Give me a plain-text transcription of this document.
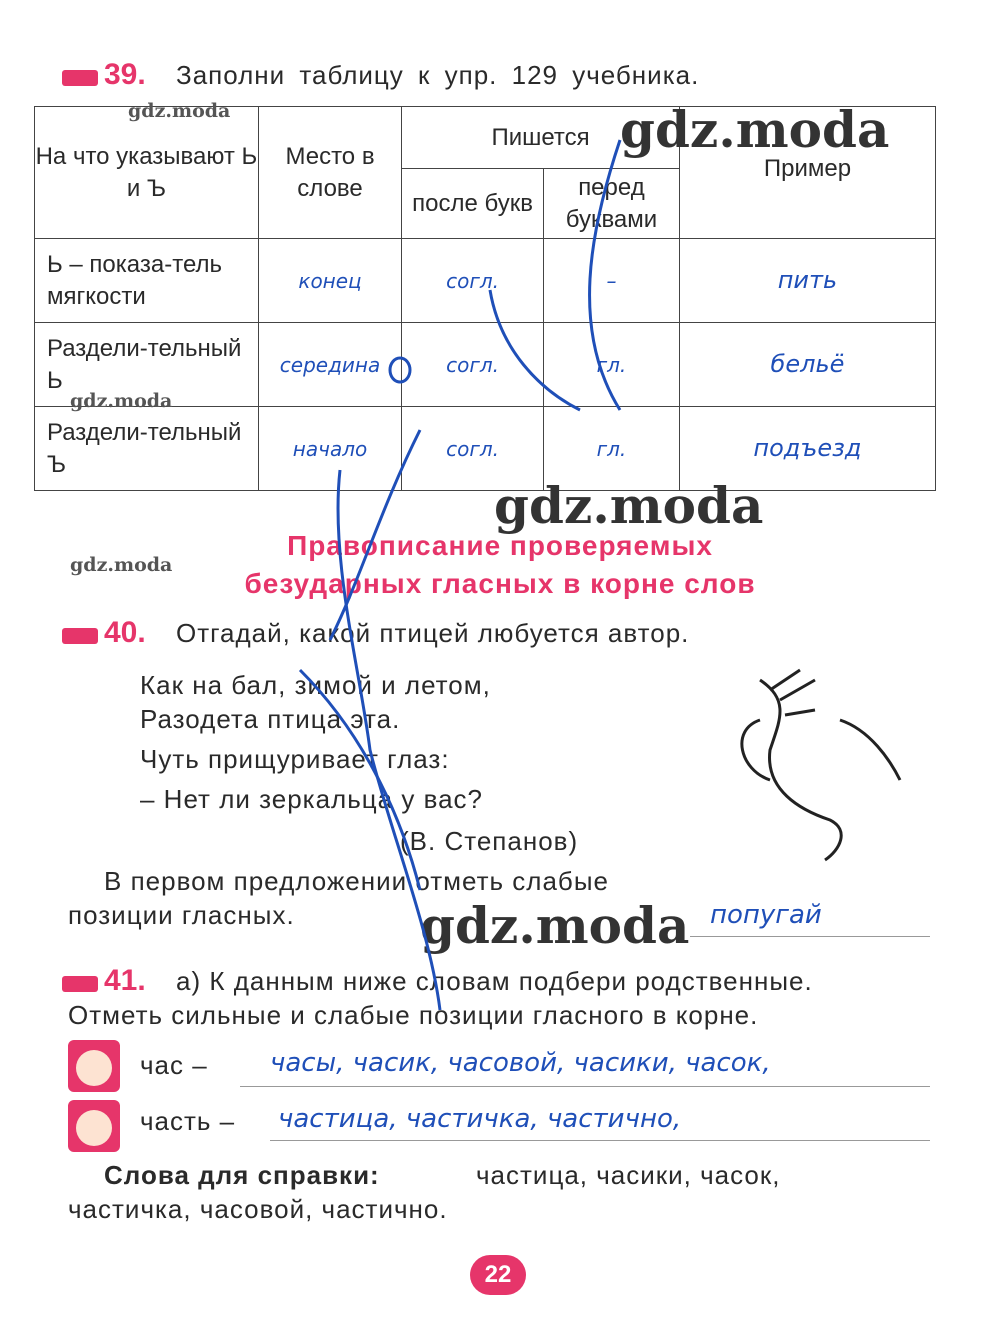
39. Заполни таблицу к упр. 129 учебника.
На что указывают Ь и Ъ	Место в слове	Пишется		Пример
		после букв	перед буквами	
Ь – показа-тель мягкости	конец	согл.	–	пить
Раздели-тельный Ь	середина	согл.	гл.	бельё
Раздели-тельный Ъ	начало	согл.	гл.	подъезд
Правописание проверяемых
безударных гласных в корне слов
40. Отгадай, какой птицей любуется автор.
Как на бал, зимой и летом,
Разодета птица эта.
Чуть прищуривает глаз:
– Нет ли зеркальца у вас?
(В. Степанов)
В первом предложении отметь слабые
позиции гласных.	попугай
41. а) К данным ниже словам подбери родственные.
Отметь сильные и слабые позиции гласного в корне.
час – часы, часик, часовой, часики, часок,
часть – частица, частичка, частично,
Слова для справки:	частица, часики, часок,
частичка, часовой, частично.
gdz.moda	gdz.moda
gdz.moda
gdz.moda
gdz.moda
gdz.moda
22
